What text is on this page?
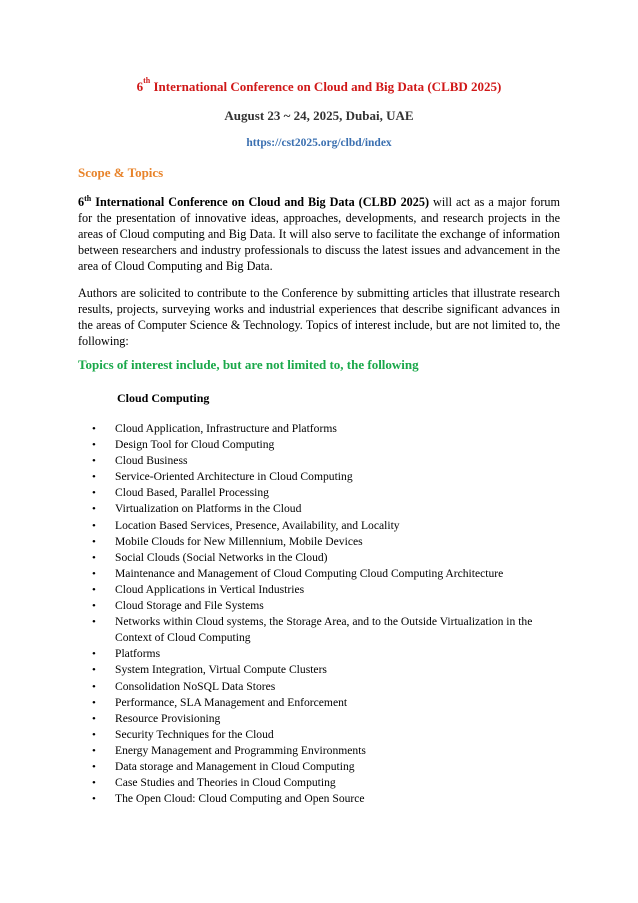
6th International Conference on Cloud and Big Data (CLBD 2025)
August 23 ~ 24, 2025, Dubai, UAE
https://cst2025.org/clbd/index
Scope & Topics
6th International Conference on Cloud and Big Data (CLBD 2025) will act as a major forum for the presentation of innovative ideas, approaches, developments, and research projects in the areas of Cloud computing and Big Data. It will also serve to facilitate the exchange of information between researchers and industry professionals to discuss the latest issues and advancement in the area of Cloud Computing and Big Data.
Authors are solicited to contribute to the Conference by submitting articles that illustrate research results, projects, surveying works and industrial experiences that describe significant advances in the areas of Computer Science & Technology. Topics of interest include, but are not limited to, the following:
Topics of interest include, but are not limited to, the following
Cloud Computing
• Cloud Application, Infrastructure and Platforms
• Design Tool for Cloud Computing
• Cloud Business
• Service-Oriented Architecture in Cloud Computing
• Cloud Based, Parallel Processing
• Virtualization on Platforms in the Cloud
• Location Based Services, Presence, Availability, and Locality
• Mobile Clouds for New Millennium, Mobile Devices
• Social Clouds (Social Networks in the Cloud)
• Maintenance and Management of Cloud Computing Cloud Computing Architecture
• Cloud Applications in Vertical Industries
• Cloud Storage and File Systems
• Networks within Cloud systems, the Storage Area, and to the Outside Virtualization in the Context of Cloud Computing
• Platforms
• System Integration, Virtual Compute Clusters
• Consolidation NoSQL Data Stores
• Performance, SLA Management and Enforcement
• Resource Provisioning
• Security Techniques for the Cloud
• Energy Management and Programming Environments
• Data storage and Management in Cloud Computing
• Case Studies and Theories in Cloud Computing
• The Open Cloud: Cloud Computing and Open Source
